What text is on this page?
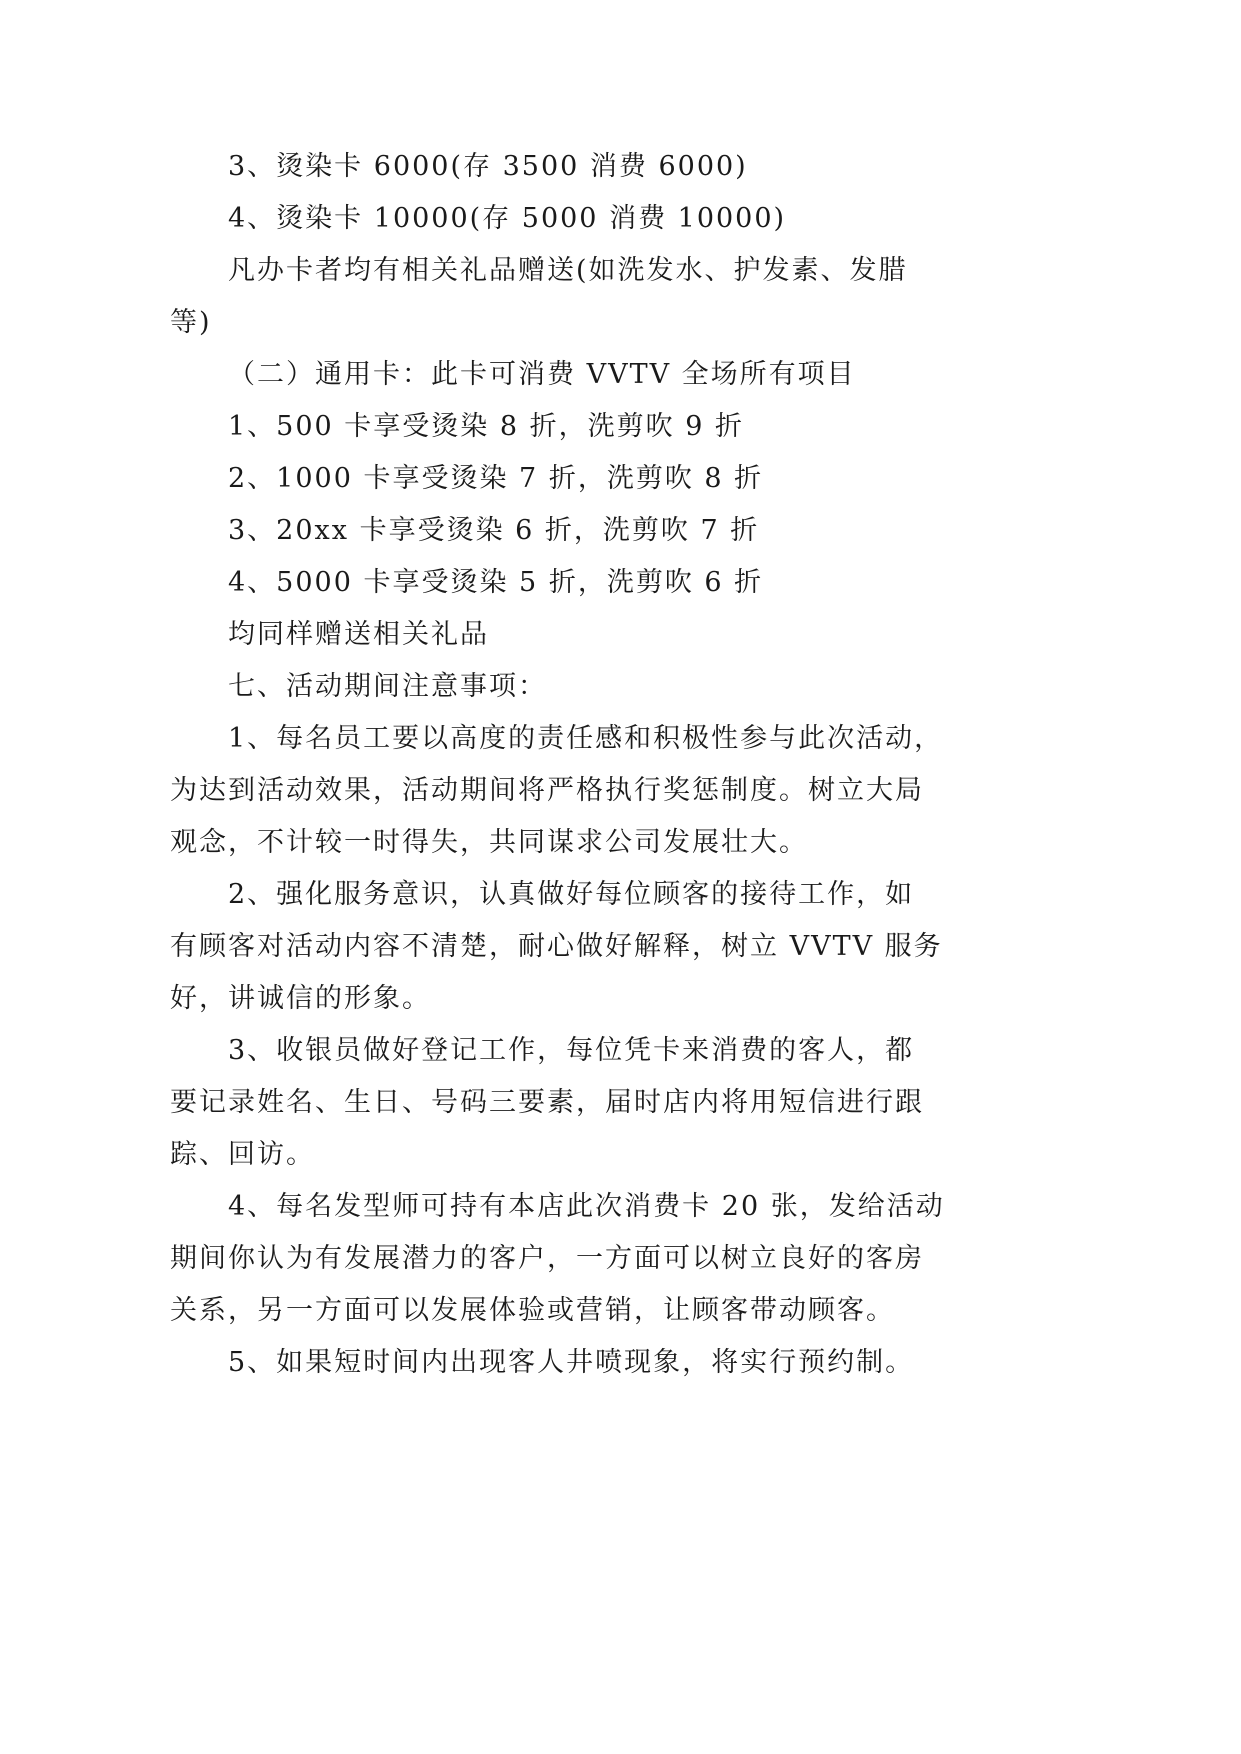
3、烫染卡 6000(存 3500 消费 6000)
4、烫染卡 10000(存 5000 消费 10000)
凡办卡者均有相关礼品赠送(如洗发水、护发素、发腊
等)
（二）通用卡：此卡可消费 VVTV 全场所有项目
1、500 卡享受烫染 8 折，洗剪吹 9 折
2、1000 卡享受烫染 7 折，洗剪吹 8 折
3、20xx 卡享受烫染 6 折，洗剪吹 7 折
4、5000 卡享受烫染 5 折，洗剪吹 6 折
均同样赠送相关礼品
七、活动期间注意事项：
1、每名员工要以高度的责任感和积极性参与此次活动，
为达到活动效果，活动期间将严格执行奖惩制度。树立大局
观念，不计较一时得失，共同谋求公司发展壮大。
2、强化服务意识，认真做好每位顾客的接待工作，如
有顾客对活动内容不清楚，耐心做好解释，树立 VVTV 服务
好，讲诚信的形象。
3、收银员做好登记工作，每位凭卡来消费的客人，都
要记录姓名、生日、号码三要素，届时店内将用短信进行跟
踪、回访。
4、每名发型师可持有本店此次消费卡 20 张，发给活动
期间你认为有发展潜力的客户，一方面可以树立良好的客房
关系，另一方面可以发展体验或营销，让顾客带动顾客。
5、如果短时间内出现客人井喷现象，将实行预约制。
